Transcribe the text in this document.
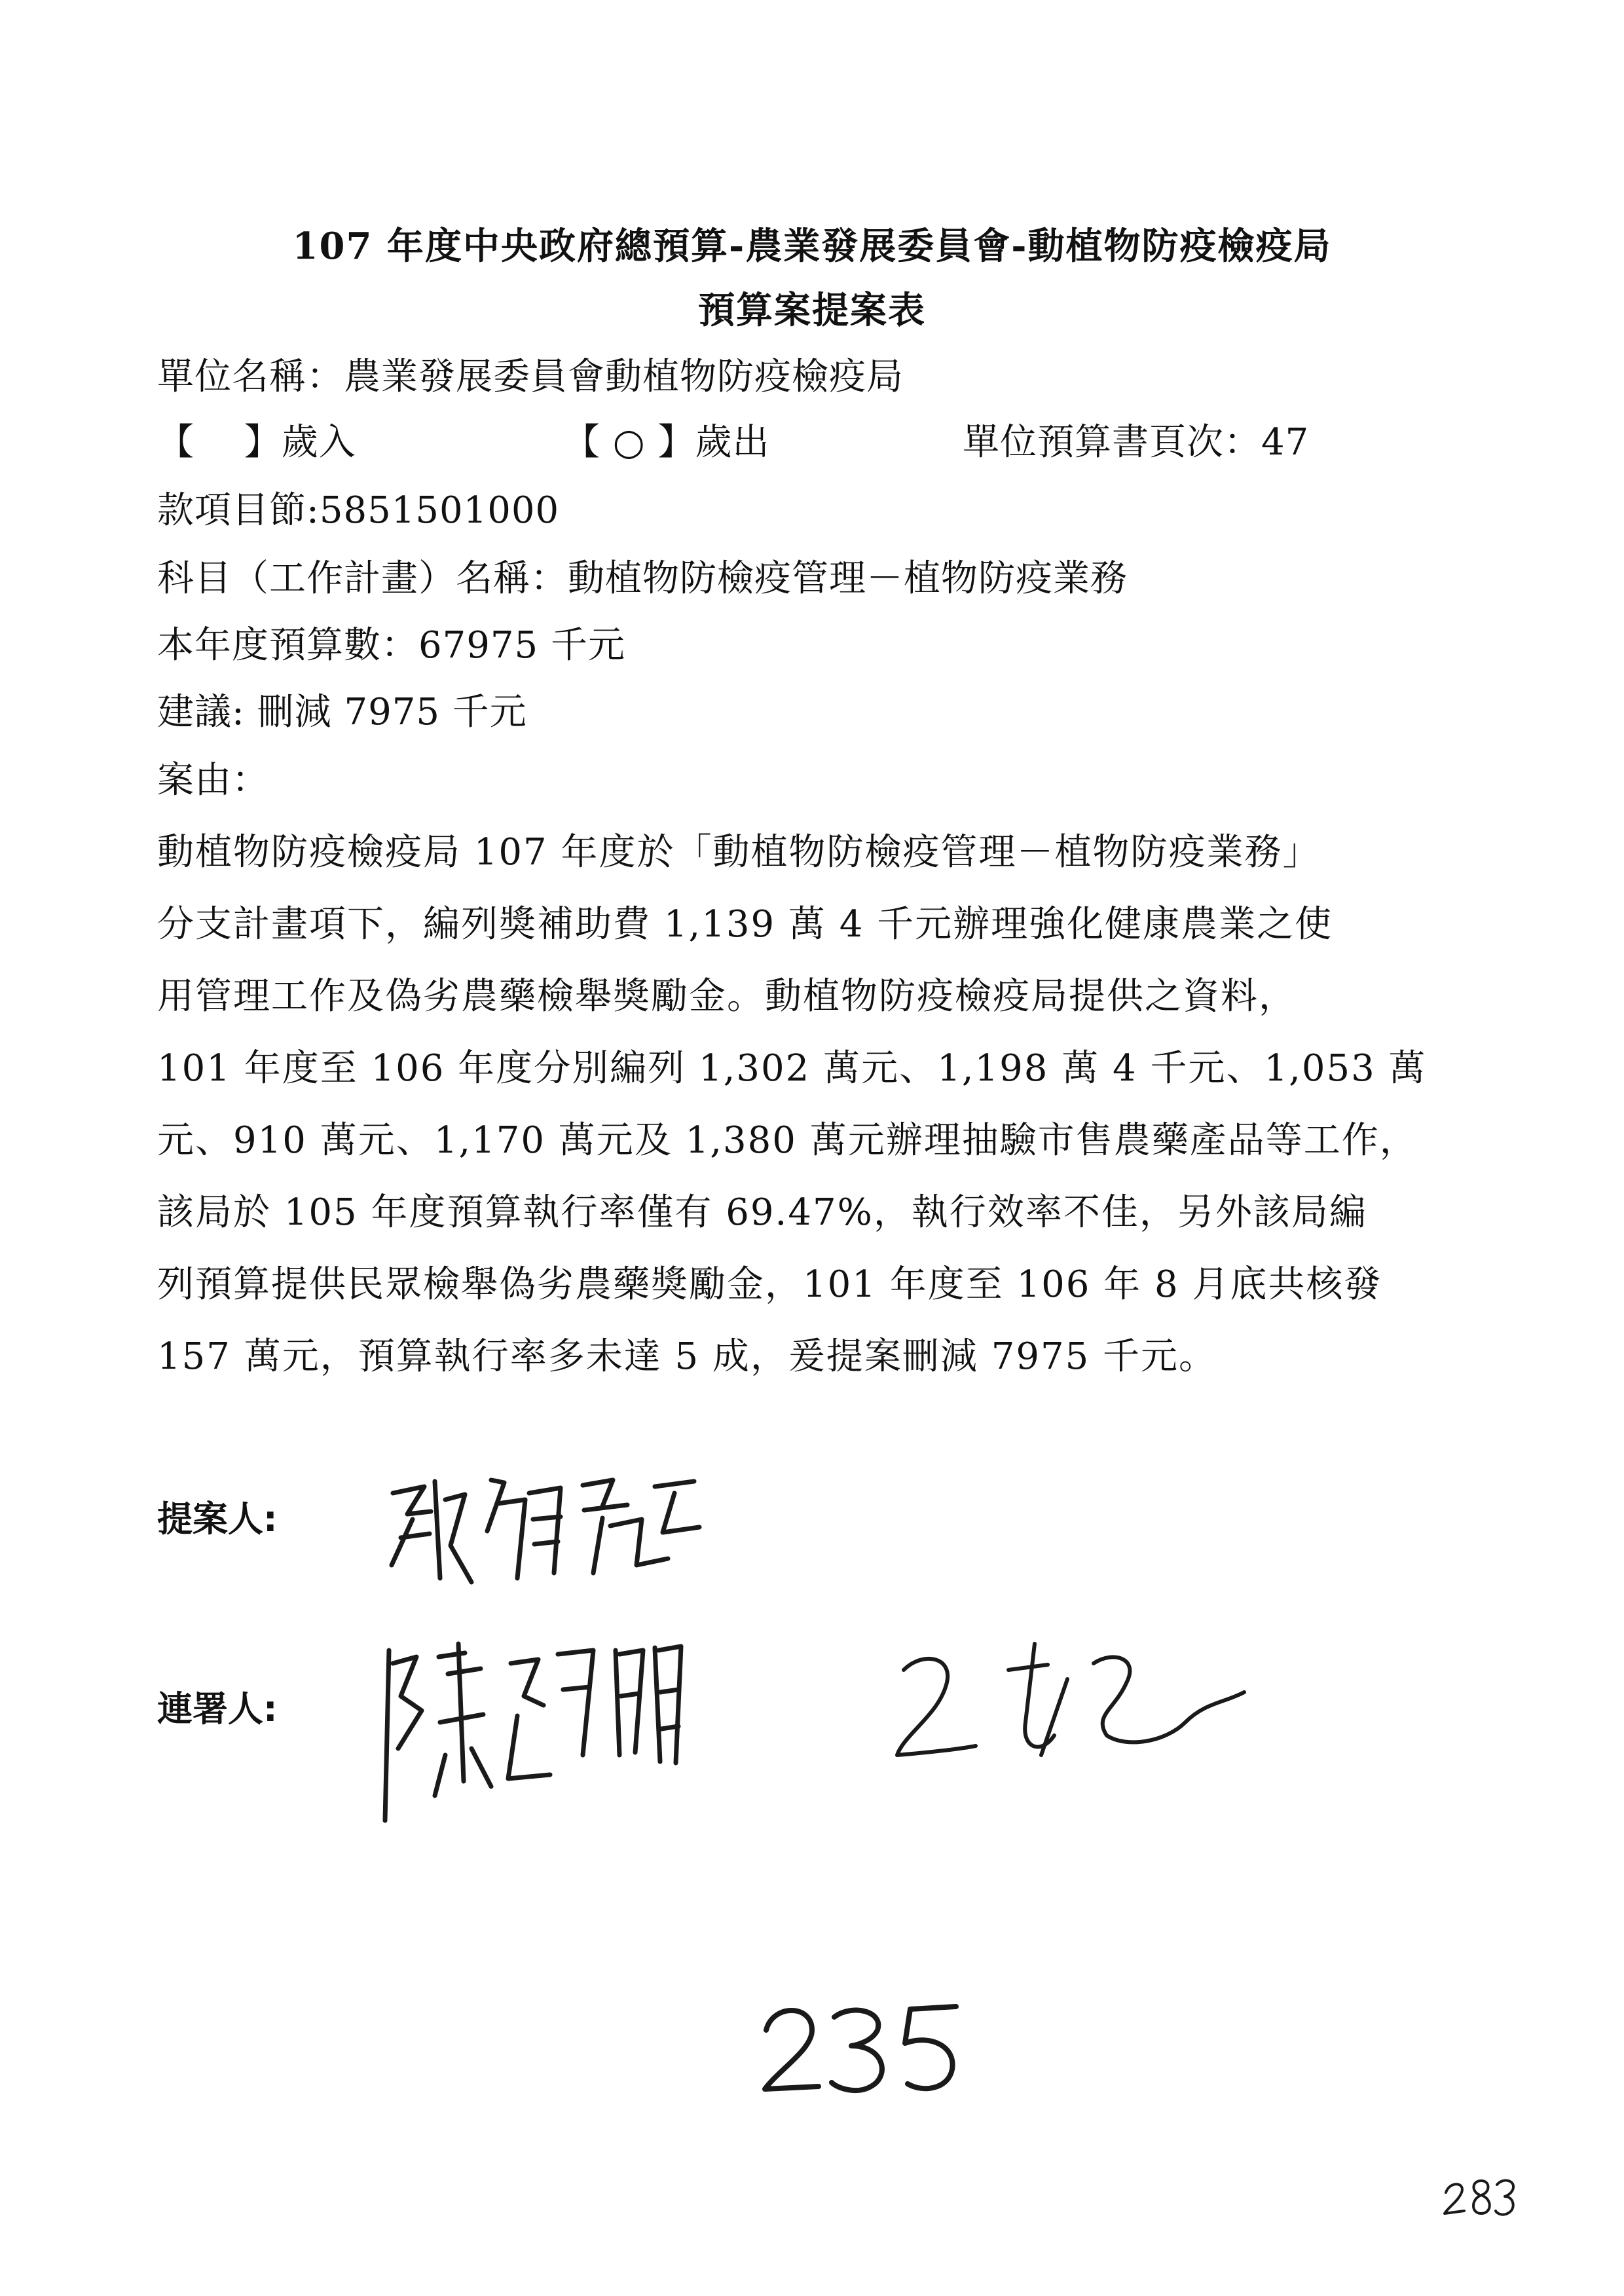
107 年度中央政府總預算-農業發展委員會-動植物防疫檢疫局
預算案提案表
單位名稱：農業發展委員會動植物防疫檢疫局
【　 】歲入	【 ○ 】歲出	單位預算書頁次：47
款項目節:5851501000
科目（工作計畫）名稱：動植物防檢疫管理－植物防疫業務
本年度預算數：67975 千元
建議: 刪減 7975 千元
案由：
動植物防疫檢疫局 107 年度於「動植物防檢疫管理－植物防疫業務」
分支計畫項下，編列獎補助費 1,139 萬 4 千元辦理強化健康農業之使
用管理工作及偽劣農藥檢舉獎勵金。動植物防疫檢疫局提供之資料，
101 年度至 106 年度分別編列 1,302 萬元、1,198 萬 4 千元、1,053 萬
元、910 萬元、1,170 萬元及 1,380 萬元辦理抽驗市售農藥產品等工作，
該局於 105 年度預算執行率僅有 69.47%，執行效率不佳，另外該局編
列預算提供民眾檢舉偽劣農藥獎勵金，101 年度至 106 年 8 月底共核發
157 萬元，預算執行率多未達 5 成，爰提案刪減 7975 千元。
提案人:
連署人:
